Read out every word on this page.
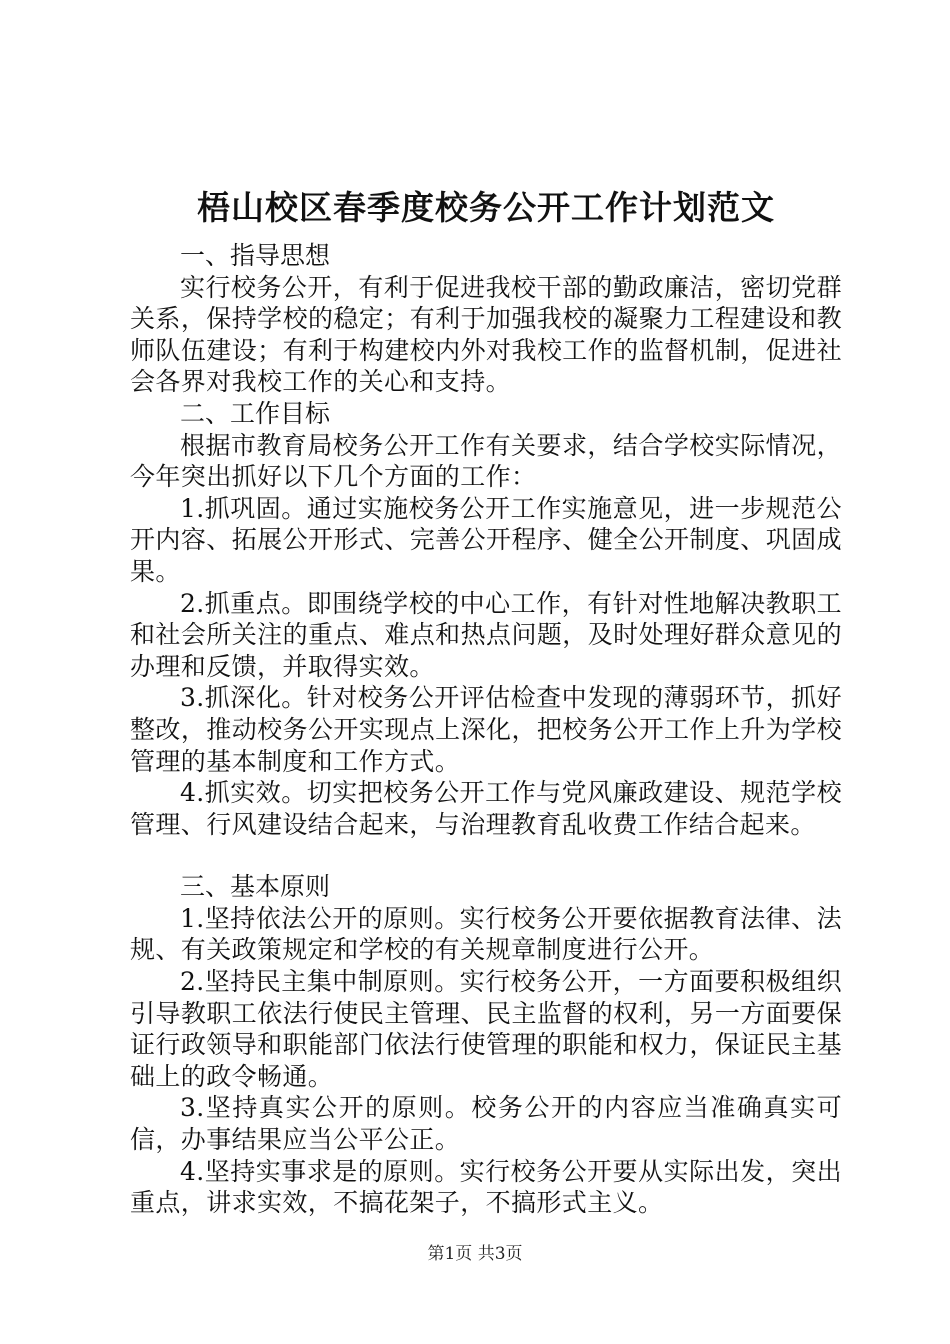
梧山校区春季度校务公开工作计划范文

一、指导思想

实行校务公开，有利于促进我校干部的勤政廉洁，密切党群关系，保持学校的稳定；有利于加强我校的凝聚力工程建设和教师队伍建设；有利于构建校内外对我校工作的监督机制，促进社会各界对我校工作的关心和支持。

二、工作目标

根据市教育局校务公开工作有关要求，结合学校实际情况，今年突出抓好以下几个方面的工作：

1.抓巩固。通过实施校务公开工作实施意见，进一步规范公开内容、拓展公开形式、完善公开程序、健全公开制度、巩固成果。

2.抓重点。即围绕学校的中心工作，有针对性地解决教职工和社会所关注的重点、难点和热点问题，及时处理好群众意见的办理和反馈，并取得实效。

3.抓深化。针对校务公开评估检查中发现的薄弱环节，抓好整改，推动校务公开实现点上深化，把校务公开工作上升为学校管理的基本制度和工作方式。

4.抓实效。切实把校务公开工作与党风廉政建设、规范学校管理、行风建设结合起来，与治理教育乱收费工作结合起来。

三、基本原则

1.坚持依法公开的原则。实行校务公开要依据教育法律、法规、有关政策规定和学校的有关规章制度进行公开。

2.坚持民主集中制原则。实行校务公开，一方面要积极组织引导教职工依法行使民主管理、民主监督的权利，另一方面要保证行政领导和职能部门依法行使管理的职能和权力，保证民主基础上的政令畅通。

3.坚持真实公开的原则。校务公开的内容应当准确真实可信，办事结果应当公平公正。

4.坚持实事求是的原则。实行校务公开要从实际出发，突出重点，讲求实效，不搞花架子，不搞形式主义。

第1页 共3页
